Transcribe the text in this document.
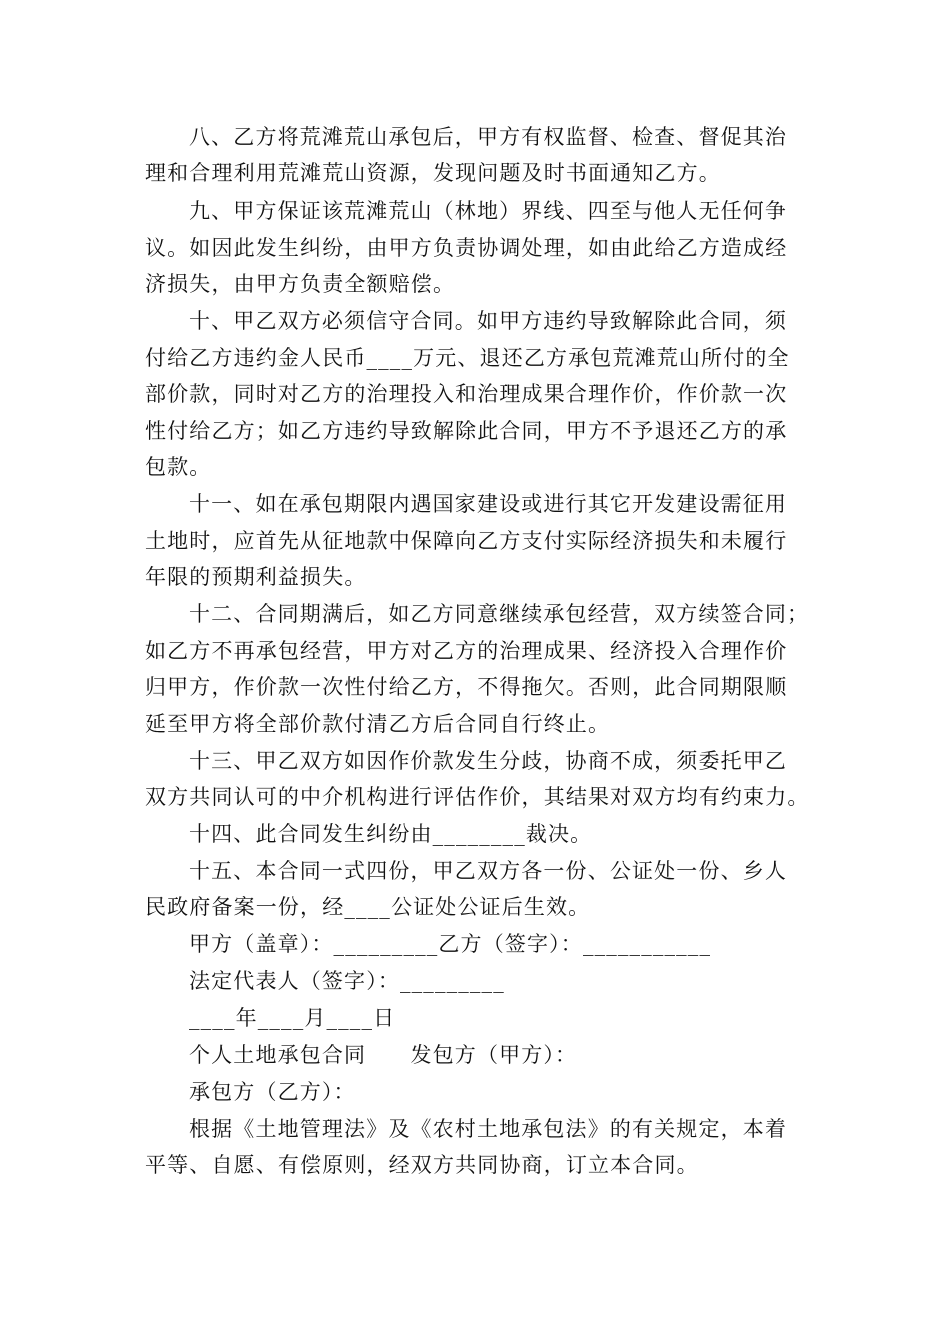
八、乙方将荒滩荒山承包后，甲方有权监督、检查、督促其治
理和合理利用荒滩荒山资源，发现问题及时书面通知乙方。
九、甲方保证该荒滩荒山（林地）界线、四至与他人无任何争
议。如因此发生纠纷，由甲方负责协调处理，如由此给乙方造成经
济损失，由甲方负责全额赔偿。
十、甲乙双方必须信守合同。如甲方违约导致解除此合同，须
付给乙方违约金人民币____万元、退还乙方承包荒滩荒山所付的全
部价款，同时对乙方的治理投入和治理成果合理作价，作价款一次
性付给乙方；如乙方违约导致解除此合同，甲方不予退还乙方的承
包款。
十一、如在承包期限内遇国家建设或进行其它开发建设需征用
土地时，应首先从征地款中保障向乙方支付实际经济损失和未履行
年限的预期利益损失。
十二、合同期满后，如乙方同意继续承包经营，双方续签合同；
如乙方不再承包经营，甲方对乙方的治理成果、经济投入合理作价
归甲方，作价款一次性付给乙方，不得拖欠。否则，此合同期限顺
延至甲方将全部价款付清乙方后合同自行终止。
十三、甲乙双方如因作价款发生分歧，协商不成，须委托甲乙
双方共同认可的中介机构进行评估作价，其结果对双方均有约束力。
十四、此合同发生纠纷由________裁决。
十五、本合同一式四份，甲乙双方各一份、公证处一份、乡人
民政府备案一份，经____公证处公证后生效。
甲方（盖章）：_________乙方（签字）：___________
法定代表人（签字）：_________
____年____月____日
个人土地承包合同　　发包方（甲方）：
承包方（乙方）：
根据《土地管理法》及《农村土地承包法》的有关规定，本着
平等、自愿、有偿原则，经双方共同协商，订立本合同。
